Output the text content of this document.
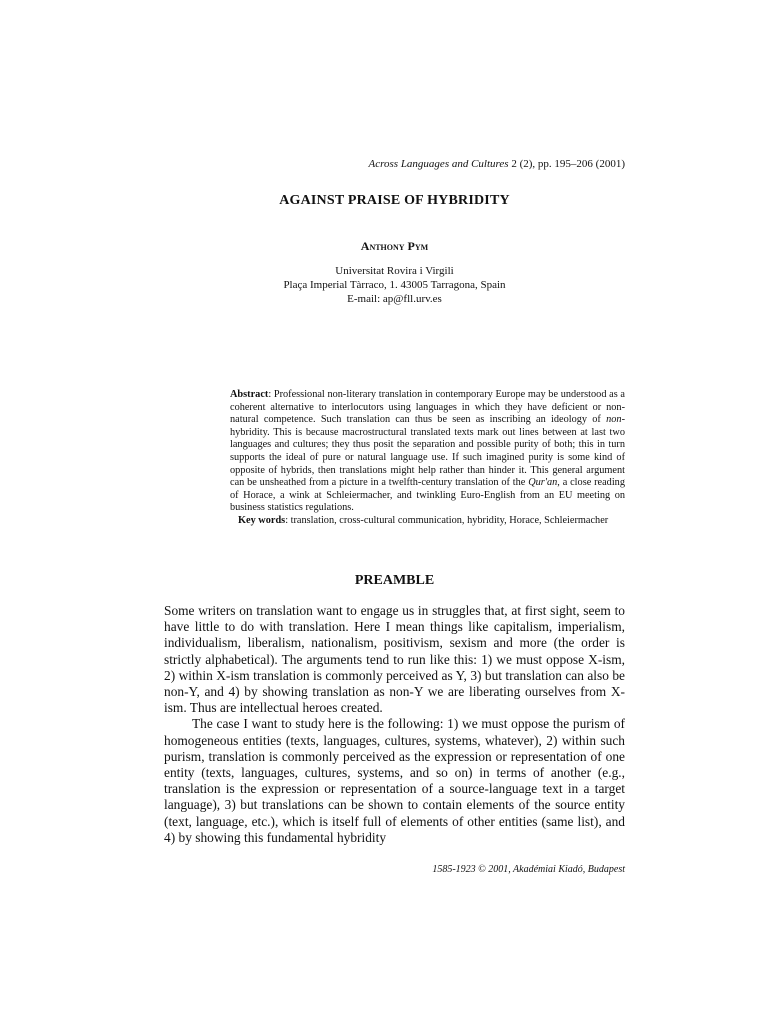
Across Languages and Cultures 2 (2), pp. 195–206 (2001)
AGAINST PRAISE OF HYBRIDITY
Anthony Pym
Universitat Rovira i Virgili
Plaça Imperial Tàrraco, 1. 43005 Tarragona, Spain
E-mail: ap@fll.urv.es

Abstract: Professional non-literary translation in contemporary Europe may be understood as a coherent alternative to interlocutors using languages in which they have deficient or non-natural competence. Such translation can thus be seen as inscribing an ideology of non-hybridity. This is because macrostructural translated texts mark out lines between at last two languages and cultures; they thus posit the separation and possible purity of both; this in turn supports the ideal of pure or natural language use. If such imagined purity is some kind of opposite of hybrids, then translations might help rather than hinder it. This general argument can be unsheathed from a picture in a twelfth-century translation of the Qur'an, a close reading of Horace, a wink at Schleiermacher, and twinkling Euro-English from an EU meeting on business statistics regulations.

Key words: translation, cross-cultural communication, hybridity, Horace, Schleiermacher

PREAMBLE

Some writers on translation want to engage us in struggles that, at first sight, seem to have little to do with translation. Here I mean things like capitalism, imperialism, individualism, liberalism, nationalism, positivism, sexism and more (the order is strictly alphabetical). The arguments tend to run like this: 1) we must oppose X-ism, 2) within X-ism translation is commonly perceived as Y, 3) but translation can also be non-Y, and 4) by showing translation as non-Y we are liberating ourselves from X-ism. Thus are intellectual heroes created.

The case I want to study here is the following: 1) we must oppose the purism of homogeneous entities (texts, languages, cultures, systems, whatever), 2) within such purism, translation is commonly perceived as the expression or representation of one entity (texts, languages, cultures, systems, and so on) in terms of another (e.g., translation is the expression or representation of a source-language text in a target language), 3) but translations can be shown to contain elements of the source entity (text, language, etc.), which is itself full of elements of other entities (same list), and 4) by showing this fundamental hybridity

1585-1923 © 2001, Akadémiai Kiadó, Budapest
